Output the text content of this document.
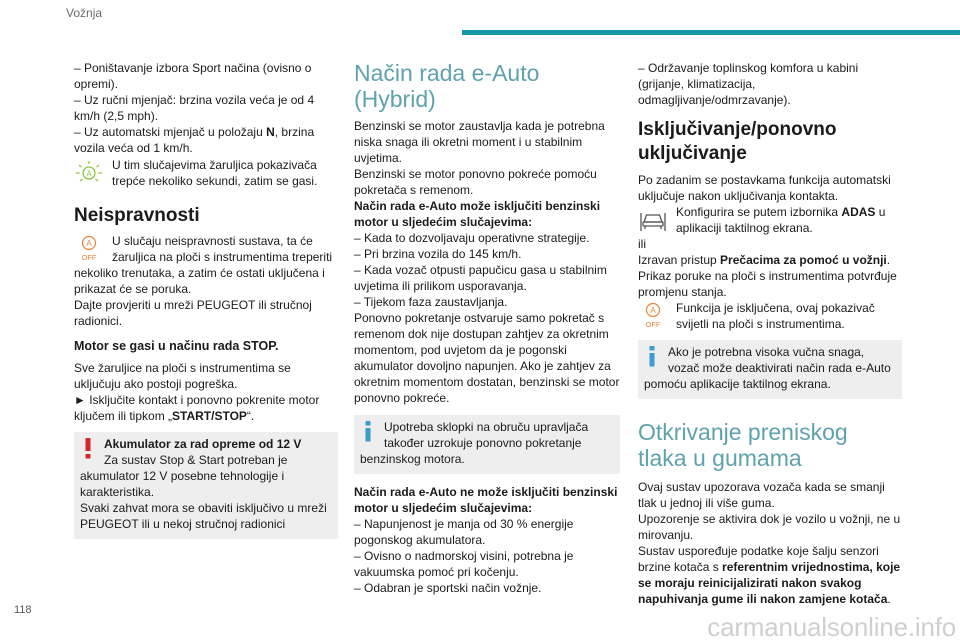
Vožnja

– Poništavanje izbora Sport načina (ovisno o opremi).

– Uz ručni mjenjač: brzina vozila veća je od 4 km/h (2,5 mph).

– Uz automatski mjenjač u položaju N, brzina vozila veća od 1 km/h.

A

U tim slučajevima žaruljica pokazivača trepće nekoliko sekundi, zatim se gasi.

Neispravnosti
A
OFF

U slučaju neispravnosti sustava, ta će žaruljica na ploči s instrumentima treperiti nekoliko trenutaka, a zatim će ostati uključena i prikazat će se poruka.

Dajte provjeriti u mreži PEUGEOT ili stručnoj radionici.

Motor se gasi u načinu rada STOP.

Sve žaruljice na ploči s instrumentima se uključuju ako postoji pogreška.

► Isključite kontakt i ponovno pokrenite motor ključem ili tipkom „START/STOP“.

Akumulator za rad opreme od 12 V

Za sustav Stop & Start potreban je akumulator 12 V posebne tehnologije i karakteristika.

Svaki zahvat mora se obaviti isključivo u mreži PEUGEOT ili u nekoj stručnoj radionici

Način rada e-Auto (Hybrid)

Benzinski se motor zaustavlja kada je potrebna niska snaga ili okretni moment i u stabilnim uvjetima.

Benzinski se motor ponovno pokreće pomoću pokretača s remenom.

Način rada e-Auto može isključiti benzinski motor u sljedećim slučajevima:

– Kada to dozvoljavaju operativne strategije.

– Pri brzina vozila do 145 km/h.

– Kada vozač otpusti papučicu gasa u stabilnim uvjetima ili prilikom usporavanja.

– Tijekom faza zaustavljanja.

Ponovno pokretanje ostvaruje samo pokretač s remenom dok nije dostupan zahtjev za okretnim momentom, pod uvjetom da je pogonski akumulator dovoljno napunjen. Ako je zahtjev za okretnim momentom dostatan, benzinski se motor ponovno pokreće.

Upotreba sklopki na obruču upravljača također uzrokuje ponovno pokretanje benzinskog motora.

Način rada e-Auto ne može isključiti benzinski motor u sljedećim slučajevima:

– Napunjenost je manja od 30 % energije pogonskog akumulatora.

– Ovisno o nadmorskoj visini, potrebna je vakuumska pomoć pri kočenju.

– Odabran je sportski način vožnje.

– Održavanje toplinskog komfora u kabini (grijanje, klimatizacija, odmagljivanje/odmrzavanje).

Isključivanje/ponovno uključivanje

Po zadanim se postavkama funkcija automatski uključuje nakon uključivanja kontakta.

Konfigurira se putem izbornika ADAS u aplikaciji taktilnog ekrana.

ili

Izravan pristup Prečacima za pomoć u vožnji.

Prikaz poruke na ploči s instrumentima potvrđuje promjenu stanja.

A
OFF

Funkcija je isključena, ovaj pokazivač svijetli na ploči s instrumentima.

Ako je potrebna visoka vučna snaga, vozač može deaktivirati način rada e-Auto pomoću aplikacije taktilnog ekrana.

Otkrivanje preniskog tlaka u gumama

Ovaj sustav upozorava vozača kada se smanji tlak u jednoj ili više guma.

Upozorenje se aktivira dok je vozilo u vožnji, ne u mirovanju.

Sustav uspoređuje podatke koje šalju senzori brzine kotača s referentnim vrijednostima, koje se moraju reinicijalizirati nakon svakog napuhivanja gume ili nakon zamjene kotača.

118
carmanualsonline.info
